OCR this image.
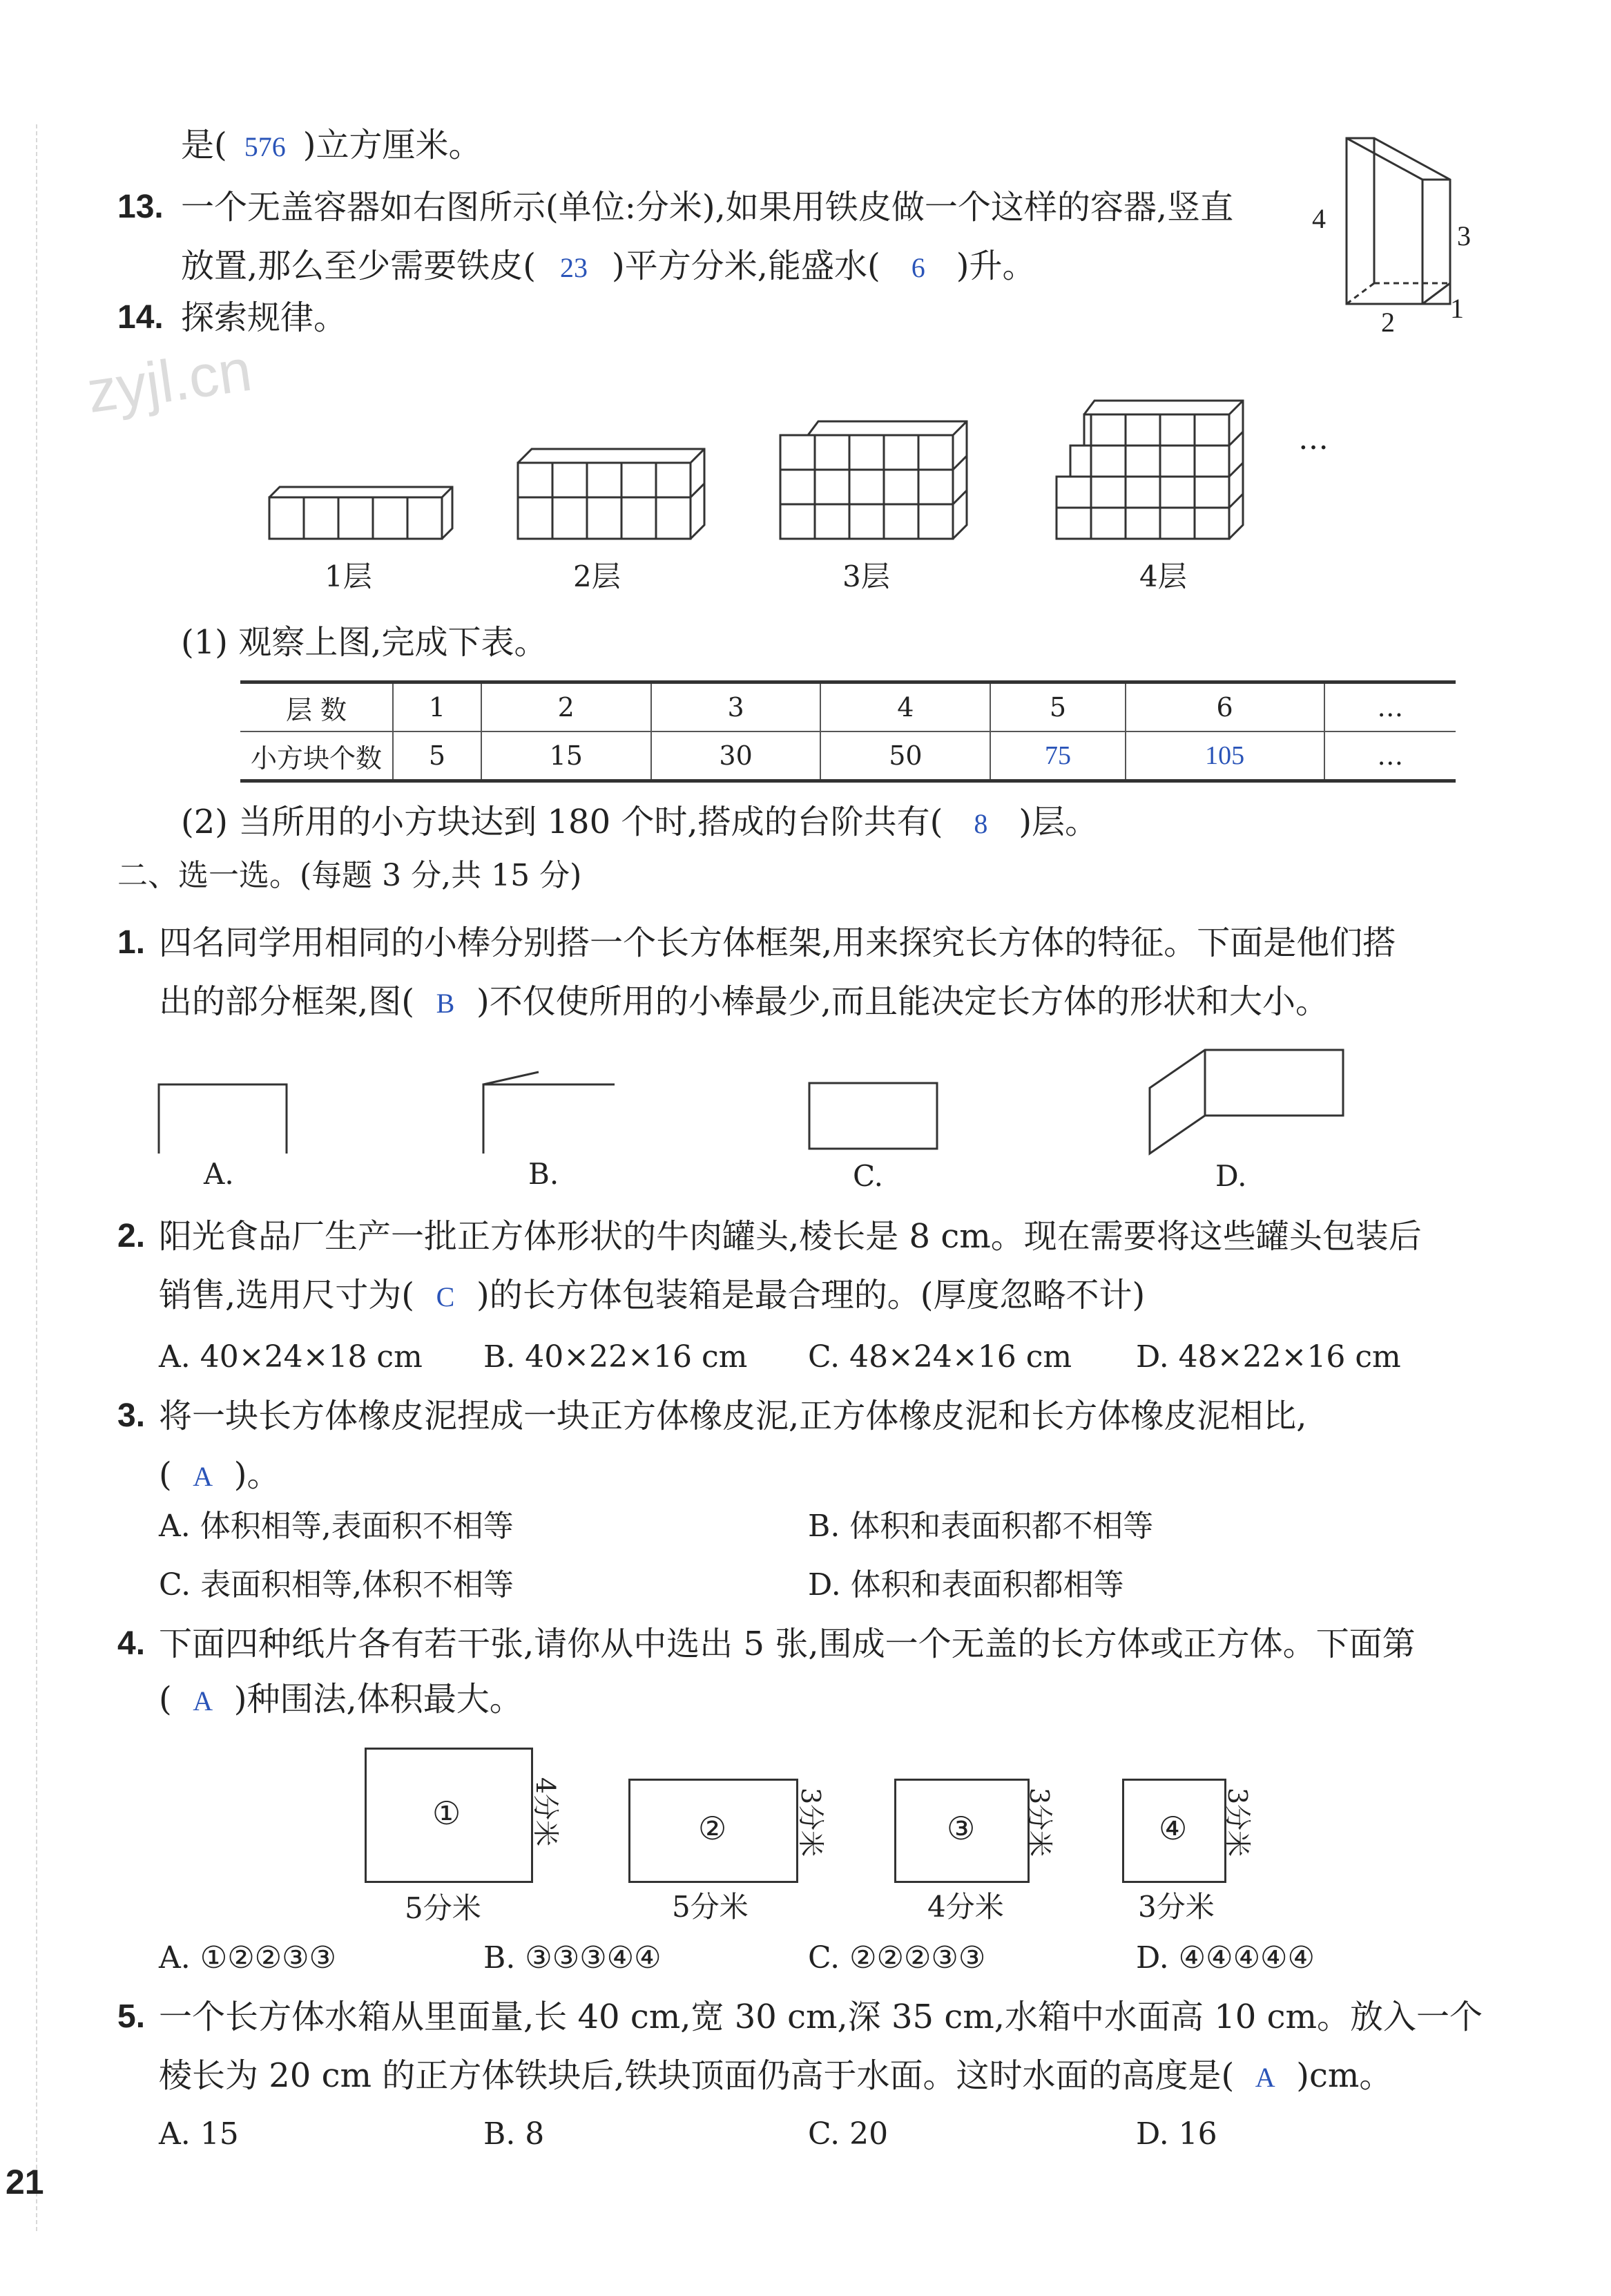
是( 576 )立方厘米。
13. 一个无盖容器如右图所示(单位:分米),如果用铁皮做一个这样的容器,竖直
放置,那么至少需要铁皮( 23 )平方分米,能盛水( 6 )升。
4
3
2 1
14. 探索规律。
zyjl.cn
…
1层	2层	3层	4层
(1) 观察上图,完成下表。
层 数	1	2	3	4	5	6	…
小方块个数	5	15	30	50	75	105	…
(2) 当所用的小方块达到 180 个时,搭成的台阶共有( 8 )层。
二、选一选。(每题 3 分,共 15 分)
1. 四名同学用相同的小棒分别搭一个长方体框架,用来探究长方体的特征。下面是他们搭
出的部分框架,图( B )不仅使所用的小棒最少,而且能决定长方体的形状和大小。
A.	B.	C.	D.
2. 阳光食品厂生产一批正方体形状的牛肉罐头,棱长是 8 cm。现在需要将这些罐头包装后
销售,选用尺寸为( C )的长方体包装箱是最合理的。(厚度忽略不计)
A. 40×24×18 cm B. 40×22×16 cm C. 48×24×16 cm D. 48×22×16 cm
3. 将一块长方体橡皮泥捏成一块正方体橡皮泥,正方体橡皮泥和长方体橡皮泥相比,
( A )。
A. 体积相等,表面积不相等	B. 体积和表面积都不相等
C. 表面积相等,体积不相等	D. 体积和表面积都相等
4. 下面四种纸片各有若干张,请你从中选出 5 张,围成一个无盖的长方体或正方体。下面第
( A )种围法,体积最大。
①	4分米
5分米
②	3分米
5分米
③ 3分米
4分米
④ 3分米
3分米
A. ①②②③③	B. ③③③④④	C. ②②②③③	D. ④④④④④
5. 一个长方体水箱从里面量,长 40 cm,宽 30 cm,深 35 cm,水箱中水面高 10 cm。放入一个
棱长为 20 cm 的正方体铁块后,铁块顶面仍高于水面。这时水面的高度是( A )cm。
A. 15	B. 8	C. 20	D. 16
21
